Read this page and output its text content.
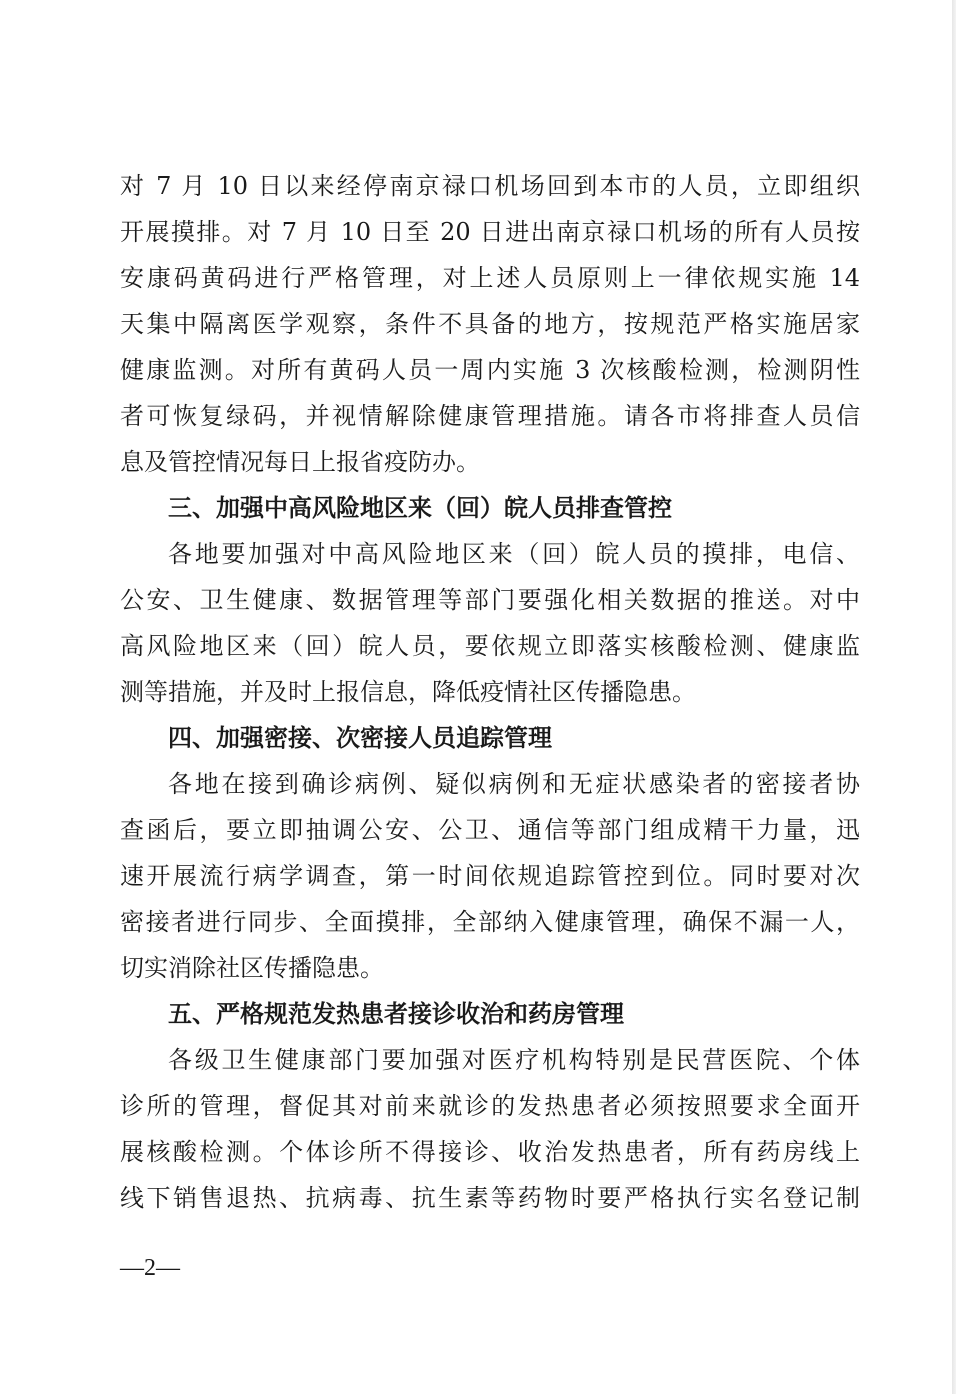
对 7 月 10 日以来经停南京禄口机场回到本市的人员，立即组织
开展摸排。对 7 月 10 日至 20 日进出南京禄口机场的所有人员按
安康码黄码进行严格管理，对上述人员原则上一律依规实施 14
天集中隔离医学观察，条件不具备的地方，按规范严格实施居家
健康监测。对所有黄码人员一周内实施 3 次核酸检测，检测阴性
者可恢复绿码，并视情解除健康管理措施。请各市将排查人员信
息及管控情况每日上报省疫防办。
三、加强中高风险地区来（回）皖人员排查管控
各地要加强对中高风险地区来（回）皖人员的摸排，电信、
公安、卫生健康、数据管理等部门要强化相关数据的推送。对中
高风险地区来（回）皖人员，要依规立即落实核酸检测、健康监
测等措施，并及时上报信息，降低疫情社区传播隐患。
四、加强密接、次密接人员追踪管理
各地在接到确诊病例、疑似病例和无症状感染者的密接者协
查函后，要立即抽调公安、公卫、通信等部门组成精干力量，迅
速开展流行病学调查，第一时间依规追踪管控到位。同时要对次
密接者进行同步、全面摸排，全部纳入健康管理，确保不漏一人，
切实消除社区传播隐患。
五、严格规范发热患者接诊收治和药房管理
各级卫生健康部门要加强对医疗机构特别是民营医院、个体
诊所的管理，督促其对前来就诊的发热患者必须按照要求全面开
展核酸检测。个体诊所不得接诊、收治发热患者，所有药房线上
线下销售退热、抗病毒、抗生素等药物时要严格执行实名登记制
—2—
